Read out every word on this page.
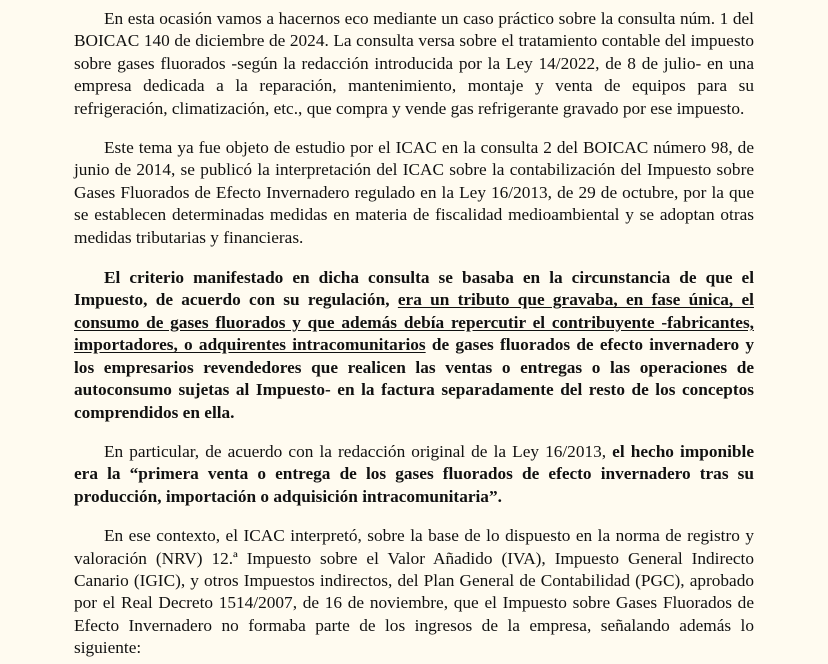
En esta ocasión vamos a hacernos eco mediante un caso práctico sobre la consulta núm. 1 del BOICAC 140 de diciembre de 2024. La consulta versa sobre el tratamiento contable del impuesto sobre gases fluorados -según la redacción introducida por la Ley 14/2022, de 8 de julio- en una empresa dedicada a la reparación, mantenimiento, montaje y venta de equipos para su refrigeración, climatización, etc., que compra y vende gas refrigerante gravado por ese impuesto.

Este tema ya fue objeto de estudio por el ICAC en la consulta 2 del BOICAC número 98, de junio de 2014, se publicó la interpretación del ICAC sobre la contabilización del Impuesto sobre Gases Fluorados de Efecto Invernadero regulado en la Ley 16/2013, de 29 de octubre, por la que se establecen determinadas medidas en materia de fiscalidad medioambiental y se adoptan otras medidas tributarias y financieras.

El criterio manifestado en dicha consulta se basaba en la circunstancia de que el Impuesto, de acuerdo con su regulación, era un tributo que gravaba, en fase única, el consumo de gases fluorados y que además debía repercutir el contribuyente -fabricantes, importadores, o adquirentes intracomunitarios de gases fluorados de efecto invernadero y los empresarios revendedores que realicen las ventas o entregas o las operaciones de autoconsumo sujetas al Impuesto- en la factura separadamente del resto de los conceptos comprendidos en ella.

En particular, de acuerdo con la redacción original de la Ley 16/2013, el hecho imponible era la “primera venta o entrega de los gases fluorados de efecto invernadero tras su producción, importación o adquisición intracomunitaria”.

En ese contexto, el ICAC interpretó, sobre la base de lo dispuesto en la norma de registro y valoración (NRV) 12.ª Impuesto sobre el Valor Añadido (IVA), Impuesto General Indirecto Canario (IGIC), y otros Impuestos indirectos, del Plan General de Contabilidad (PGC), aprobado por el Real Decreto 1514/2007, de 16 de noviembre, que el Impuesto sobre Gases Fluorados de Efecto Invernadero no formaba parte de los ingresos de la empresa, señalando además lo siguiente:
